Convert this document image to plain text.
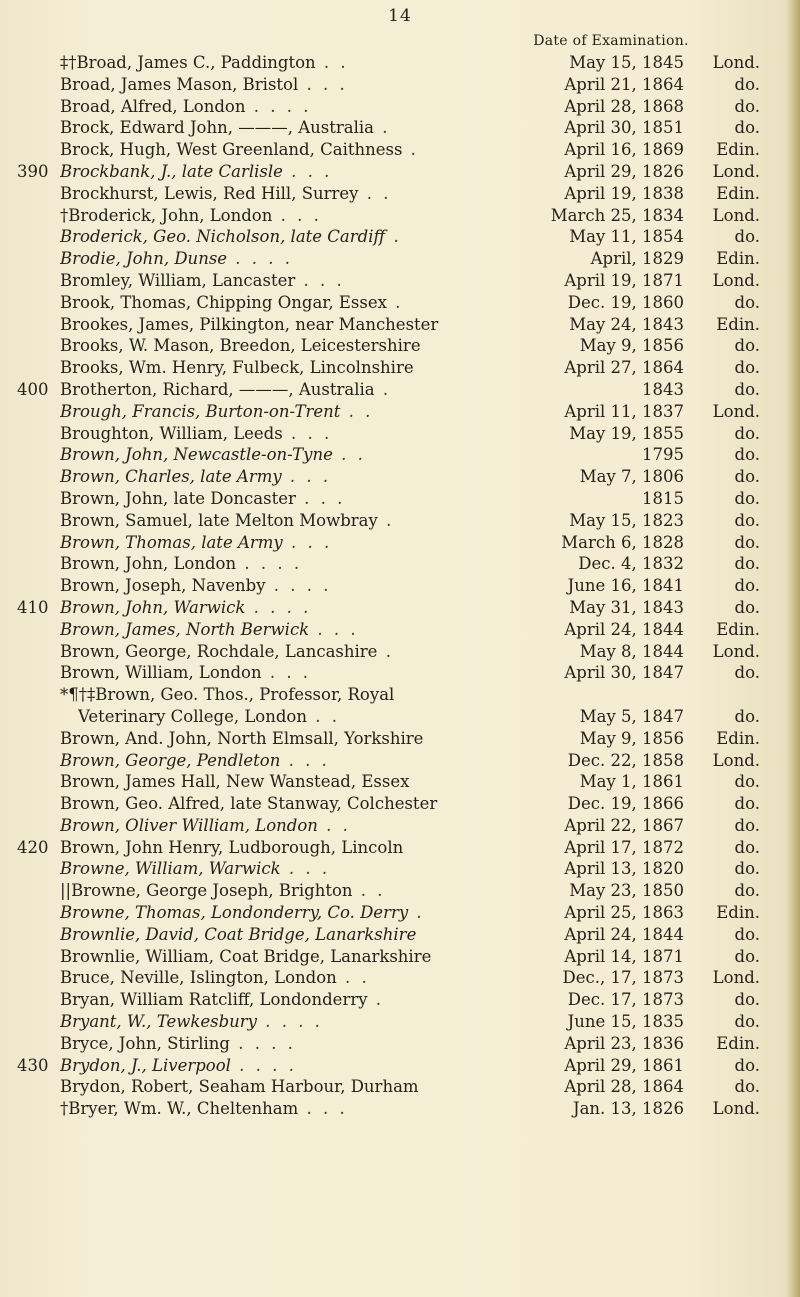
14
Date of Examination.
‡†Broad, James C., Paddington . .	May 15, 1845	Lond.
Broad, James Mason, Bristol . . .	April 21, 1864	do.
Broad, Alfred, London . . . .	April 28, 1868	do.
Brock, Edward John, ———, Australia .	April 30, 1851	do.
Brock, Hugh, West Greenland, Caithness .	April 16, 1869	Edin.
390 Brockbank, J., late Carlisle . . .	April 29, 1826	Lond.
Brockhurst, Lewis, Red Hill, Surrey . .	April 19, 1838	Edin.
†Broderick, John, London . . .	March 25, 1834	Lond.
Broderick, Geo. Nicholson, late Cardiff .	May 11, 1854	do.
Brodie, John, Dunse . . . .	April, 1829	Edin.
Bromley, William, Lancaster . . .	April 19, 1871	Lond.
Brook, Thomas, Chipping Ongar, Essex .	Dec. 19, 1860	do.
Brookes, James, Pilkington, near Manchester	May 24, 1843	Edin.
Brooks, W. Mason, Breedon, Leicestershire	May 9, 1856	do.
Brooks, Wm. Henry, Fulbeck, Lincolnshire	April 27, 1864	do.
400 Brotherton, Richard, ———, Australia .	1843	do.
Brough, Francis, Burton-on-Trent . .	April 11, 1837	Lond.
Broughton, William, Leeds . . .	May 19, 1855	do.
Brown, John, Newcastle-on-Tyne . .	1795	do.
Brown, Charles, late Army . . .	May 7, 1806	do.
Brown, John, late Doncaster . . .	1815	do.
Brown, Samuel, late Melton Mowbray .	May 15, 1823	do.
Brown, Thomas, late Army . . .	March 6, 1828	do.
Brown, John, London . . . .	Dec. 4, 1832	do.
Brown, Joseph, Navenby . . . .	June 16, 1841	do.
410 Brown, John, Warwick . . . .	May 31, 1843	do.
Brown, James, North Berwick . . .	April 24, 1844	Edin.
Brown, George, Rochdale, Lancashire .	May 8, 1844	Lond.
Brown, William, London . . .	April 30, 1847	do.
*¶†‡Brown, Geo. Thos., Professor, Royal
Veterinary College, London . .	May 5, 1847	do.
Brown, And. John, North Elmsall, Yorkshire	May 9, 1856	Edin.
Brown, George, Pendleton . . .	Dec. 22, 1858	Lond.
Brown, James Hall, New Wanstead, Essex	May 1, 1861	do.
Brown, Geo. Alfred, late Stanway, Colchester	Dec. 19, 1866	do.
Brown, Oliver William, London . .	April 22, 1867	do.
420 Brown, John Henry, Ludborough, Lincoln	April 17, 1872	do.
Browne, William, Warwick . . .	April 13, 1820	do.
||Browne, George Joseph, Brighton . .	May 23, 1850	do.
Browne, Thomas, Londonderry, Co. Derry .	April 25, 1863	Edin.
Brownlie, David, Coat Bridge, Lanarkshire	April 24, 1844	do.
Brownlie, William, Coat Bridge, Lanarkshire	April 14, 1871	do.
Bruce, Neville, Islington, London . .	Dec., 17, 1873	Lond.
Bryan, William Ratcliff, Londonderry .	Dec. 17, 1873	do.
Bryant, W., Tewkesbury . . . .	June 15, 1835	do.
Bryce, John, Stirling . . . .	April 23, 1836	Edin.
430 Brydon, J., Liverpool . . . .	April 29, 1861	do.
Brydon, Robert, Seaham Harbour, Durham	April 28, 1864	do.
†Bryer, Wm. W., Cheltenham . . .	Jan. 13, 1826	Lond.
